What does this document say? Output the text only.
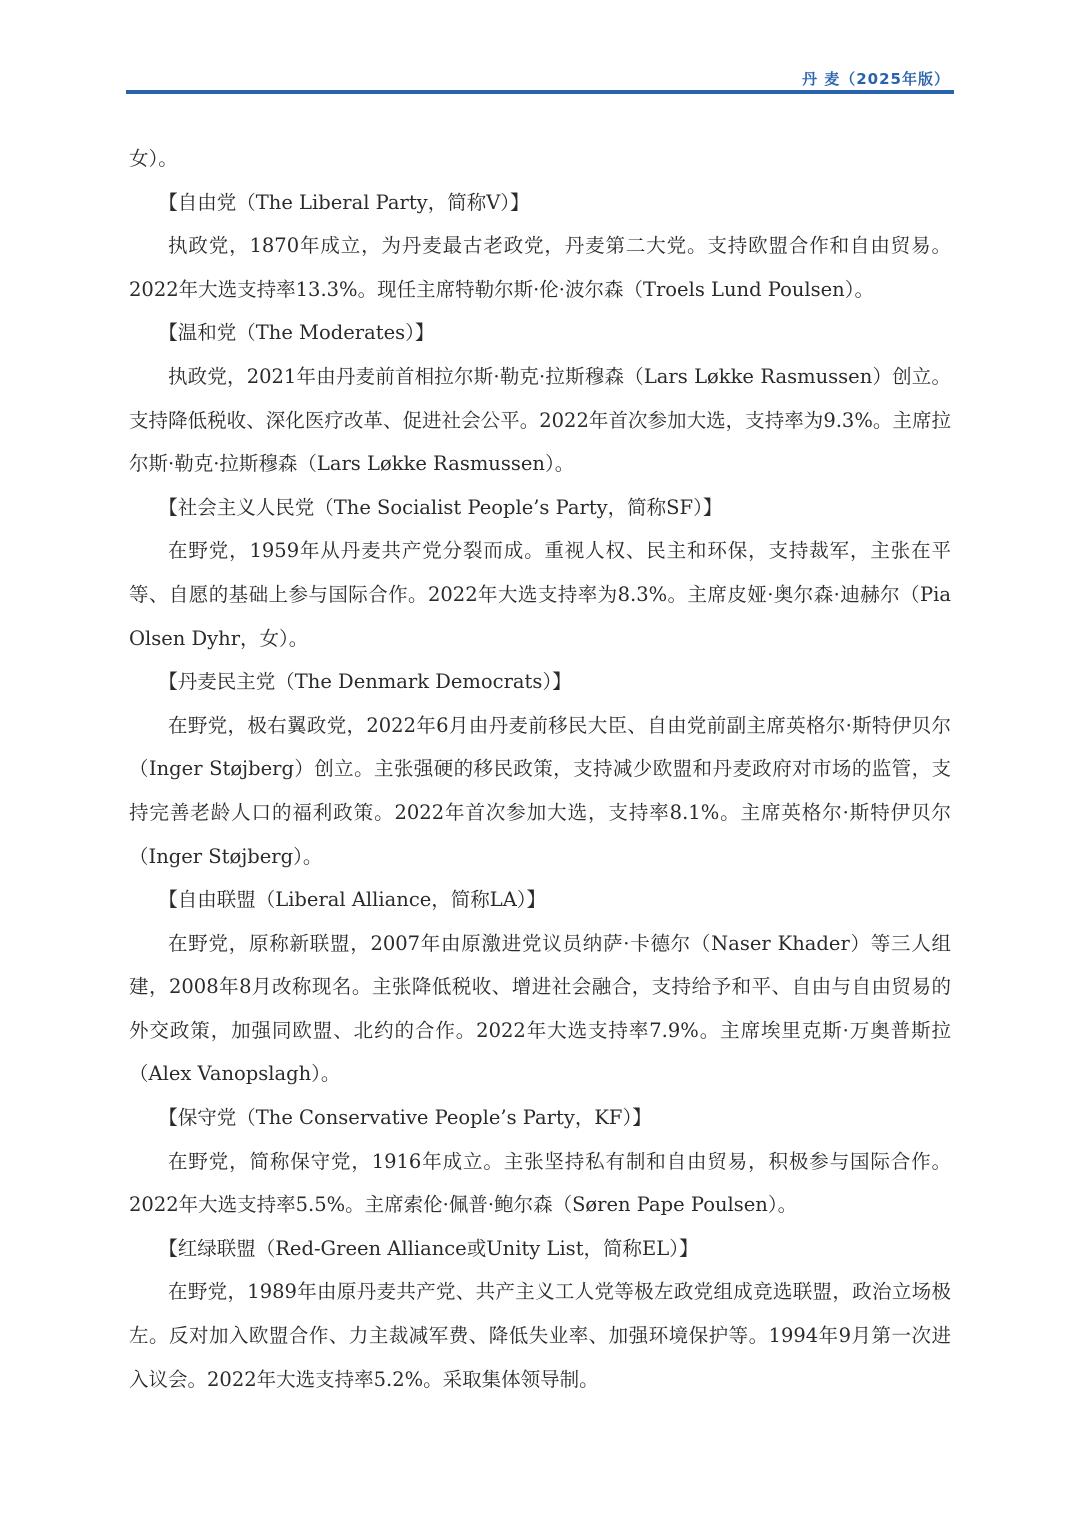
丹 麦（2025年版）

女）。

【自由党（The Liberal Party，简称V）】

执政党，1870年成立，为丹麦最古老政党，丹麦第二大党。支持欧盟合作和自由贸易。2022年大选支持率13.3%。现任主席特勒尔斯·伦·波尔森（Troels Lund Poulsen）。

【温和党（The Moderates）】

执政党，2021年由丹麦前首相拉尔斯·勒克·拉斯穆森（Lars Løkke Rasmussen）创立。支持降低税收、深化医疗改革、促进社会公平。2022年首次参加大选，支持率为9.3%。主席拉尔斯·勒克·拉斯穆森（Lars Løkke Rasmussen）。

【社会主义人民党（The Socialist People’s Party，简称SF）】

在野党，1959年从丹麦共产党分裂而成。重视人权、民主和环保，支持裁军，主张在平等、自愿的基础上参与国际合作。2022年大选支持率为8.3%。主席皮娅·奥尔森·迪赫尔（Pia Olsen Dyhr，女）。

【丹麦民主党（The Denmark Democrats）】

在野党，极右翼政党，2022年6月由丹麦前移民大臣、自由党前副主席英格尔·斯特伊贝尔（Inger Støjberg）创立。主张强硬的移民政策，支持减少欧盟和丹麦政府对市场的监管，支持完善老龄人口的福利政策。2022年首次参加大选，支持率8.1%。主席英格尔·斯特伊贝尔（Inger Støjberg）。

【自由联盟（Liberal Alliance，简称LA）】

在野党，原称新联盟，2007年由原激进党议员纳萨·卡德尔（Naser Khader）等三人组建，2008年8月改称现名。主张降低税收、增进社会融合，支持给予和平、自由与自由贸易的外交政策，加强同欧盟、北约的合作。2022年大选支持率7.9%。主席埃里克斯·万奥普斯拉（Alex Vanopslagh）。

【保守党（The Conservative People’s Party，KF）】

在野党，简称保守党，1916年成立。主张坚持私有制和自由贸易，积极参与国际合作。2022年大选支持率5.5%。主席索伦·佩普·鲍尔森（Søren Pape Poulsen）。

【红绿联盟（Red-Green Alliance或Unity List，简称EL）】

在野党，1989年由原丹麦共产党、共产主义工人党等极左政党组成竞选联盟，政治立场极左。反对加入欧盟合作、力主裁减军费、降低失业率、加强环境保护等。1994年9月第一次进入议会。2022年大选支持率5.2%。采取集体领导制。
